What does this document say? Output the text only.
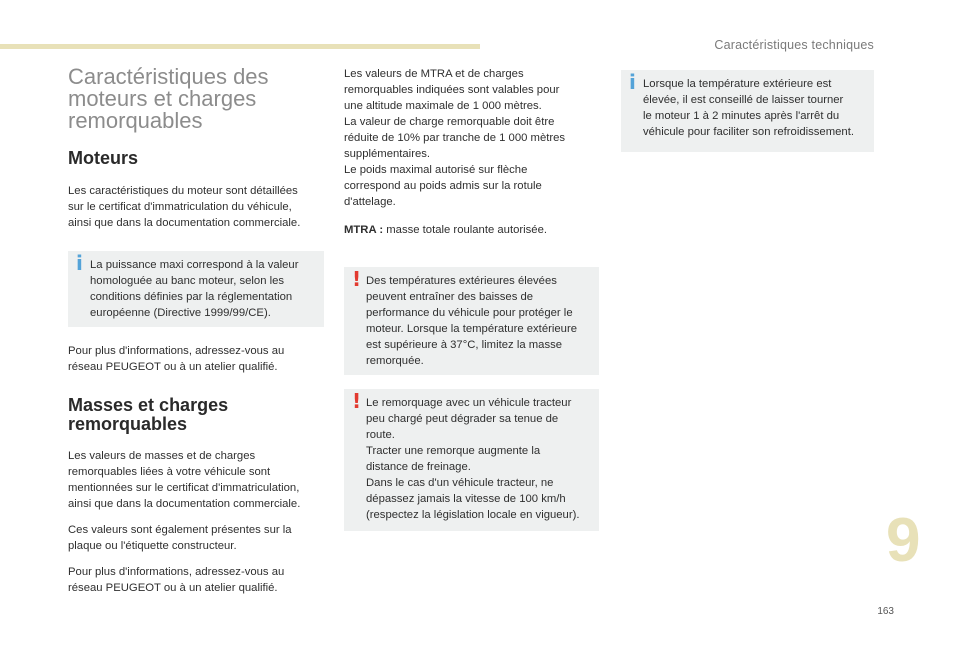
Caractéristiques techniques
Caractéristiques des
moteurs et charges
remorquables
Moteurs

Les caractéristiques du moteur sont détaillées
sur le certificat d'immatriculation du véhicule,
ainsi que dans la documentation commerciale.

i La puissance maxi correspond à la valeur
homologuée au banc moteur, selon les
conditions définies par la réglementation
européenne (Directive 1999/99/CE).

Pour plus d'informations, adressez-vous au
réseau PEUGEOT ou à un atelier qualifié.

Masses et charges
remorquables

Les valeurs de masses et de charges
remorquables liées à votre véhicule sont
mentionnées sur le certificat d'immatriculation,
ainsi que dans la documentation commerciale.

Ces valeurs sont également présentes sur la
plaque ou l'étiquette constructeur.

Pour plus d'informations, adressez-vous au
réseau PEUGEOT ou à un atelier qualifié.

Les valeurs de MTRA et de charges
remorquables indiquées sont valables pour
une altitude maximale de 1 000 mètres.
La valeur de charge remorquable doit être
réduite de 10% par tranche de 1 000 mètres
supplémentaires.
Le poids maximal autorisé sur flèche
correspond au poids admis sur la rotule
d'attelage.

MTRA : masse totale roulante autorisée.

! Des températures extérieures élevées
peuvent entraîner des baisses de
performance du véhicule pour protéger le
moteur. Lorsque la température extérieure
est supérieure à 37°C, limitez la masse
remorquée.
! Le remorquage avec un véhicule tracteur
peu chargé peut dégrader sa tenue de
route.
Tracter une remorque augmente la
distance de freinage.
Dans le cas d'un véhicule tracteur, ne
dépassez jamais la vitesse de 100 km/h
(respectez la législation locale en vigueur).
i Lorsque la température extérieure est
élevée, il est conseillé de laisser tourner
le moteur 1 à 2 minutes après l'arrêt du
véhicule pour faciliter son refroidissement.
9
163
